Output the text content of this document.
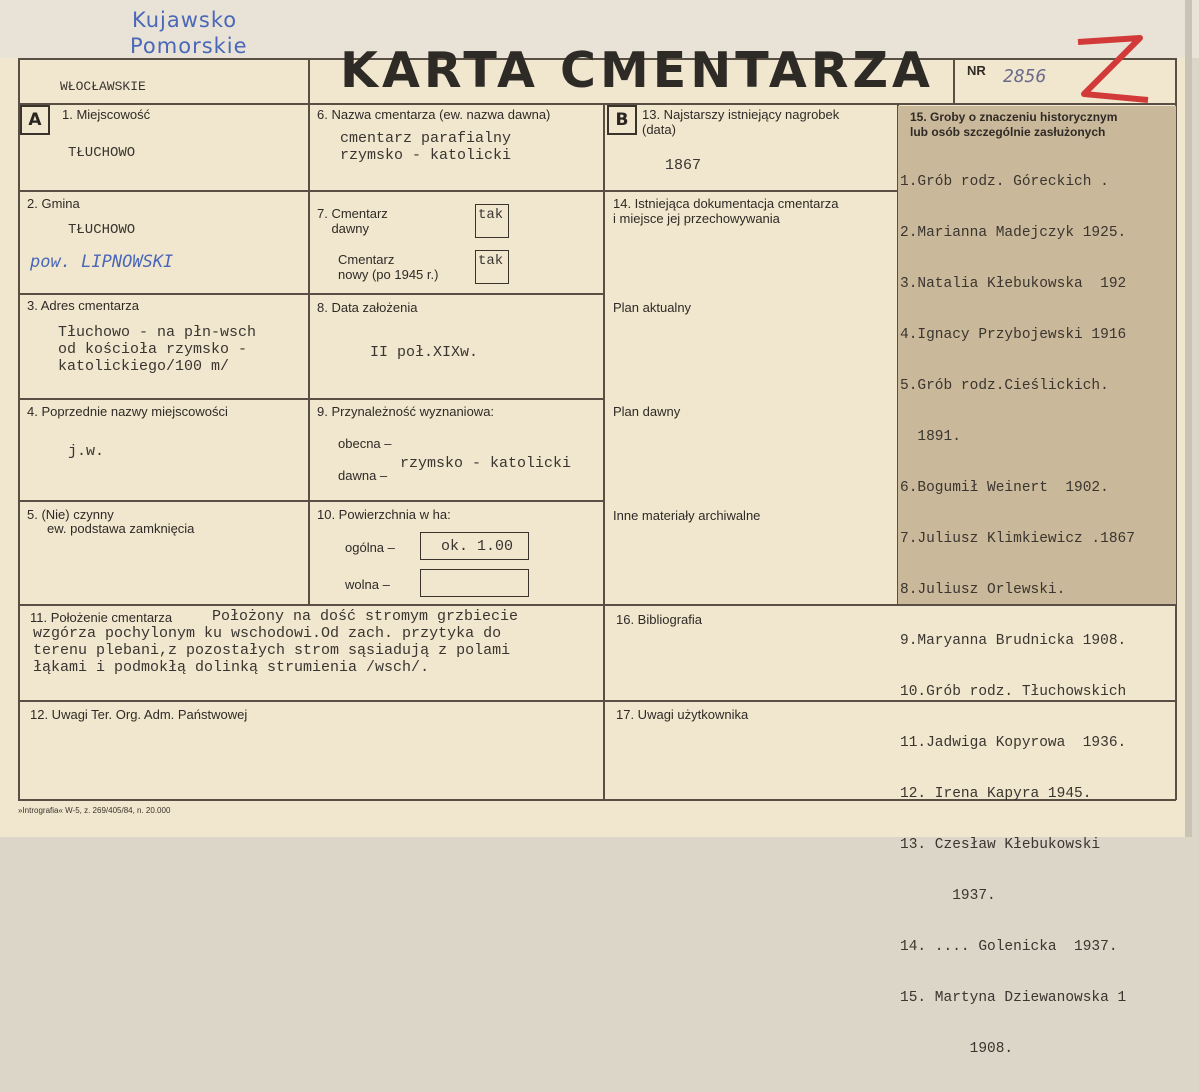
Kujawsko
Pomorskie
WŁOCŁAWSKIE	KARTA CMENTARZA	NR 2856
A	1. Miejscowość
TŁUCHOWO
2. Gmina
TŁUCHOWO
pow. LIPNOWSKI
3. Adres cmentarza
Tłuchowo - na płn-wsch
od kościoła rzymsko -
katolickiego/100 m/
4. Poprzednie nazwy miejscowości
j.w.
5. (Nie) czynny
ew. podstawa zamknięcia
6. Nazwa cmentarza (ew. nazwa dawna)
cmentarz parafialny
rzymsko - katolicki
7. Cmentarz
dawny
tak
Cmentarz
nowy (po 1945 r.)
tak
8. Data założenia
II poł.XIXw.
9. Przynależność wyznaniowa:
obecna –
dawna –
rzymsko - katolicki
10. Powierzchnia w ha:
ogólna –	ok. 1.00
wolna –
B	13. Najstarszy istniejący nagrobek
(data)
1867
14. Istniejąca dokumentacja cmentarza
i miejsce jej przechowywania
Plan aktualny
Plan dawny
Inne materiały archiwalne
15. Groby o znaczeniu historycznym
lub osób szczególnie zasłużonych

1.Grób rodz. Góreckich .

2.Marianna Madejczyk 1925.

3.Natalia Kłebukowska  192

4.Ignacy Przybojewski 1916

5.Grób rodz.Cieślickich.

1891.

6.Bogumił Weinert  1902.

7.Juliusz Klimkiewicz .1867

8.Juliusz Orlewski.

9.Maryanna Brudnicka 1908.

10.Grób rodz. Tłuchowskich

11.Jadwiga Kopyrowa  1936.

12. Irena Kapyra 1945.

13. Czesław Kłebukowski

1937.

14. .... Golenicka  1937.

15. Martyna Dziewanowska 1

1908.

11. Położenie cmentarza	Położony na dość stromym grzbiecie
wzgórza pochylonym ku wschodowi.Od zach. przytyka do
terenu plebani,z pozostałych strom sąsiadują z polami
łąkami i podmokłą dolinką strumienia /wsch/.
16. Bibliografia
12. Uwagi Ter. Org. Adm. Państwowej	17. Uwagi użytkownika
»Intrografia« W-5, z. 269/405/84, n. 20.000
